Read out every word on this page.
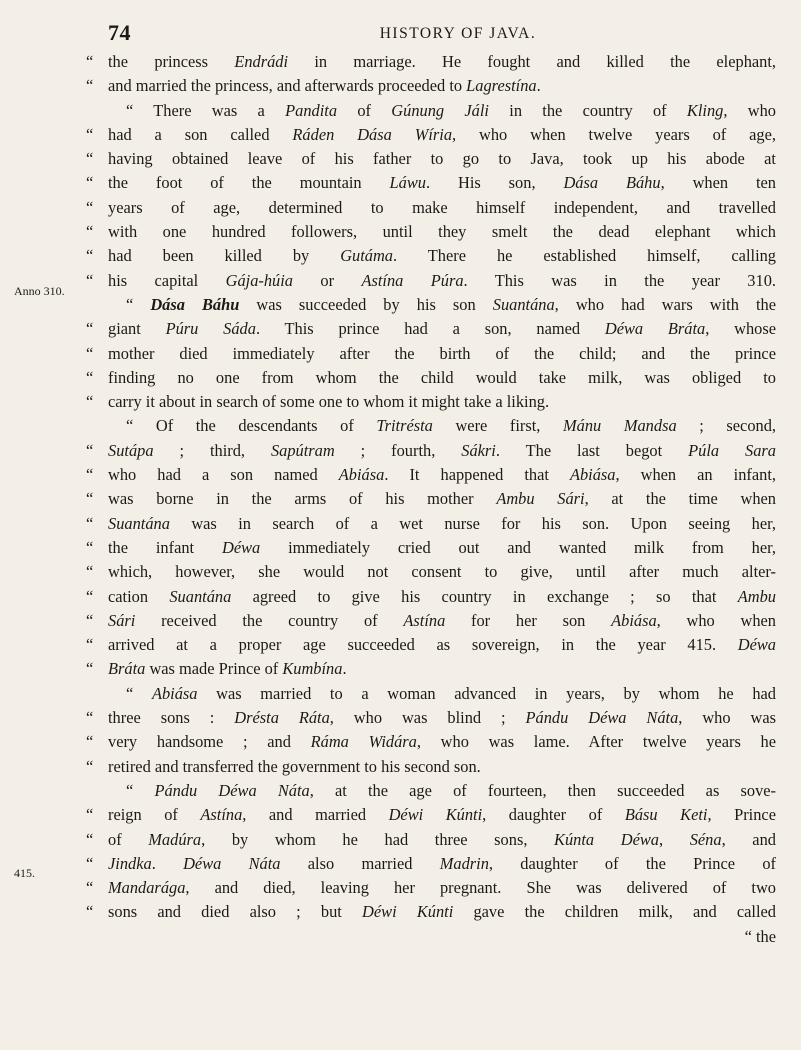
74	HISTORY OF JAVA.
Anno 310.
415.
“ the princess Endrádi in marriage. He fought and killed the elephant,
“ and married the princess, and afterwards proceeded to Lagrestína.
“ There was a Pandita of Gúnung Jáli in the country of Kling, who
“ had a son called Ráden Dása Wíria, who when twelve years of age,
“ having obtained leave of his father to go to Java, took up his abode at
“ the foot of the mountain Láwu. His son, Dása Báhu, when ten
“ years of age, determined to make himself independent, and travelled
“ with one hundred followers, until they smelt the dead elephant which
“ had been killed by Gutáma. There he established himself, calling
“ his capital Gája-húia or Astína Púra. This was in the year 310.
“ Dása Báhu was succeeded by his son Suantána, who had wars with the
“ giant Púru Sáda. This prince had a son, named Déwa Bráta, whose
“ mother died immediately after the birth of the child; and the prince
“ finding no one from whom the child would take milk, was obliged to
“ carry it about in search of some one to whom it might take a liking.
“ Of the descendants of Tritrésta were first, Mánu Mandsa ; second,
“ Sutápa ; third, Sapútram ; fourth, Sákri. The last begot Púla Sara
“ who had a son named Abiása. It happened that Abiása, when an infant,
“ was borne in the arms of his mother Ambu Sári, at the time when
“ Suantána was in search of a wet nurse for his son. Upon seeing her,
“ the infant Déwa immediately cried out and wanted milk from her,
“ which, however, she would not consent to give, until after much alter-
“ cation Suantána agreed to give his country in exchange ; so that Ambu
“ Sári received the country of Astína for her son Abiása, who when
“ arrived at a proper age succeeded as sovereign, in the year 415. Déwa
“ Bráta was made Prince of Kumbína.
“ Abiása was married to a woman advanced in years, by whom he had
“ three sons : Drésta Ráta, who was blind ; Pándu Déwa Náta, who was
“ very handsome ; and Ráma Widára, who was lame. After twelve years he
“ retired and transferred the government to his second son.
“ Pándu Déwa Náta, at the age of fourteen, then succeeded as sove-
“ reign of Astína, and married Déwi Kúnti, daughter of Básu Keti, Prince
“ of Madúra, by whom he had three sons, Kúnta Déwa, Séna, and
“ Jindka. Déwa Náta also married Madrin, daughter of the Prince of
“ Mandarága, and died, leaving her pregnant. She was delivered of two
“ sons and died also ; but Déwi Kúnti gave the children milk, and called
“ the
